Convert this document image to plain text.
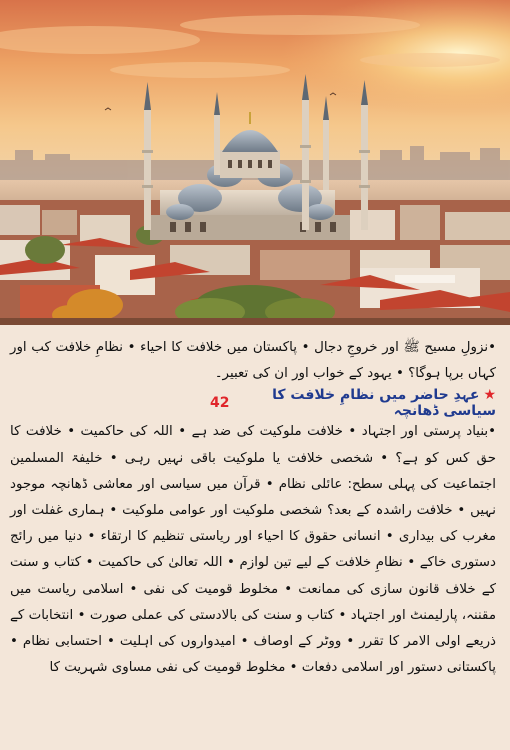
•نزولِ مسیح ﷺ اور خروجِ دجال • پاکستان میں خلافت کا احیاء • نظامِ خلافت کب اور کہاں برپا ہوگا؟ • یہود کے خواب اور ان کی تعبیر۔

★عہدِ حاضر میں نظامِ خلافت کا سیاسی ڈھانچہ
42

•بنیاد پرستی اور اجتہاد • خلافت ملوکیت کی ضد ہے • اللہ کی حاکمیت • خلافت کا حق کس کو ہے؟ • شخصی خلافت یا ملوکیت باقی نہیں رہی • خلیفۃ المسلمین اجتماعیت کی پہلی سطح: عائلی نظام • قرآن میں سیاسی اور معاشی ڈھانچہ موجود نہیں • خلافت راشدہ کے بعد؟ شخصی ملوکیت اور عوامی ملوکیت • ہماری غفلت اور مغرب کی بیداری • انسانی حقوق کا احیاء اور ریاستی تنظیم کا ارتقاء • دنیا میں رائج دستوری خاکے • نظامِ خلافت کے لیے تین لوازم • اللہ تعالیٰ کی حاکمیت • کتاب و سنت کے خلاف قانون سازی کی ممانعت • مخلوط قومیت کی نفی • اسلامی ریاست میں مقننہ، پارلیمنٹ اور اجتہاد • کتاب و سنت کی بالادستی کی عملی صورت • انتخابات کے ذریعے اولی الامر کا تقرر • ووٹر کے اوصاف • امیدواروں کی اہلیت • احتسابی نظام • پاکستانی دستور اور اسلامی دفعات • مخلوط قومیت کی نفی مساوی شہریت کا
